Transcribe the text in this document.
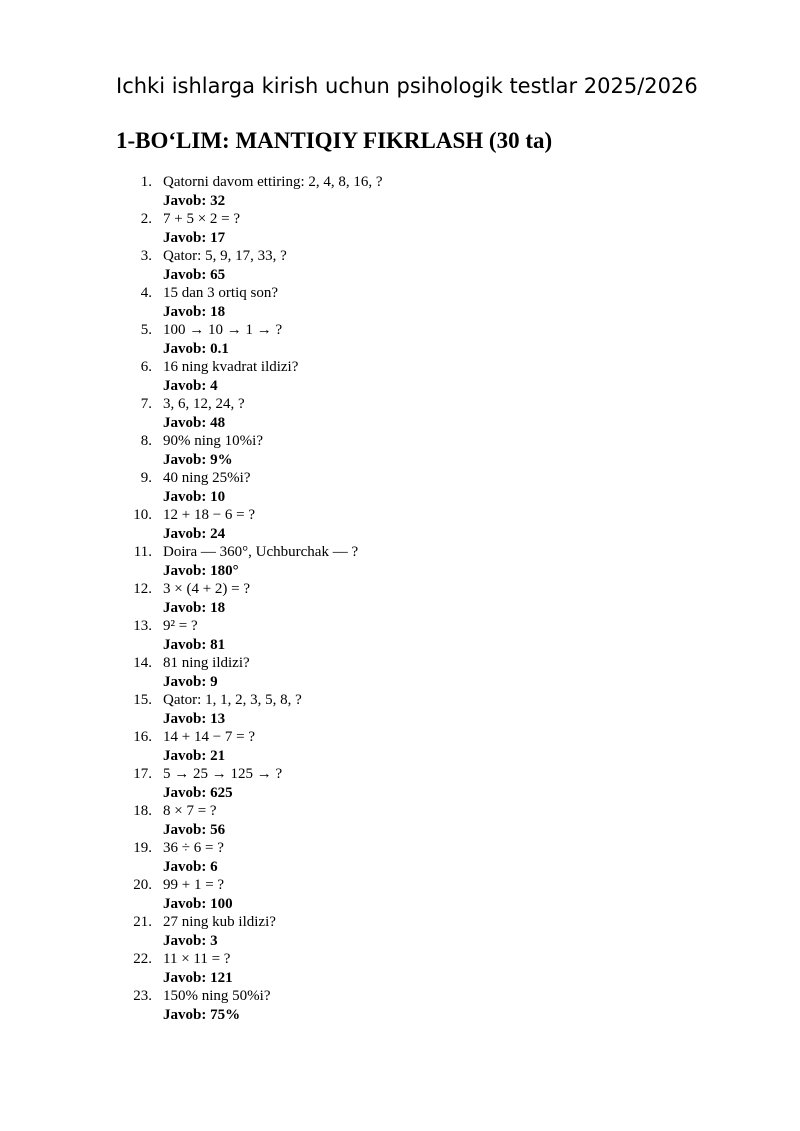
Ichki ishlarga kirish uchun psihologik testlar 2025/2026
1-BO‘LIM: MANTIQIY FIKRLASH (30 ta)
1. Qatorni davom ettiring: 2, 4, 8, 16, ?
Javob: 32
2. 7 + 5 × 2 = ?
Javob: 17
3. Qator: 5, 9, 17, 33, ?
Javob: 65
4. 15 dan 3 ortiq son?
Javob: 18
5. 100 → 10 → 1 → ?
Javob: 0.1
6. 16 ning kvadrat ildizi?
Javob: 4
7. 3, 6, 12, 24, ?
Javob: 48
8. 90% ning 10%i?
Javob: 9%
9. 40 ning 25%i?
Javob: 10
10. 12 + 18 − 6 = ?
Javob: 24
11. Doira — 360°, Uchburchak — ?
Javob: 180°
12. 3 × (4 + 2) = ?
Javob: 18
13. 9² = ?
Javob: 81
14. 81 ning ildizi?
Javob: 9
15. Qator: 1, 1, 2, 3, 5, 8, ?
Javob: 13
16. 14 + 14 − 7 = ?
Javob: 21
17. 5 → 25 → 125 → ?
Javob: 625
18. 8 × 7 = ?
Javob: 56
19. 36 ÷ 6 = ?
Javob: 6
20. 99 + 1 = ?
Javob: 100
21. 27 ning kub ildizi?
Javob: 3
22. 11 × 11 = ?
Javob: 121
23. 150% ning 50%i?
Javob: 75%
